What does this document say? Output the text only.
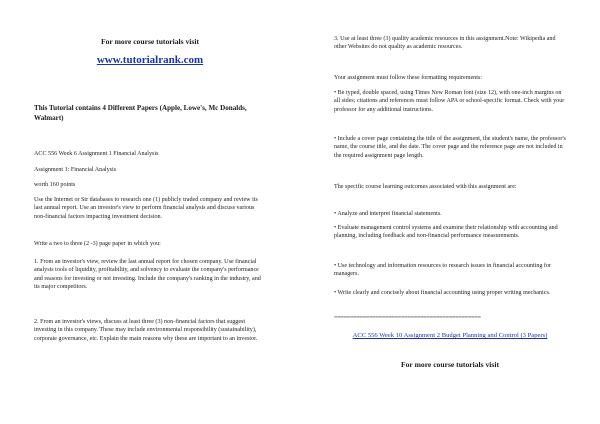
For more course tutorials visit

www.tutorialrank.com

This Tutorial contains 4 Different Papers (Apple, Lowe's, Mc Donalds, Walmart)

ACC 556 Week 6 Assignment 1 Financial Analysis

Assignment 1: Financial Analysis

worth 160 points

Use the Internet or Str databases to research one (1) publicly traded company and review its last annual report. Use an investor's view to perform financial analysis and discuss various non-financial factors impacting investment decision.

Write a two to three (2 -3) page paper in which you:

1. From an investor's view, review the last annual report for chosen company. Use financial analysis tools of liquidity, profitability, and solvency to evaluate the company's performance and reasons for investing or not investing. Include the company's ranking in the industry, and its major competitors.

2. From an investor's views, discuss at least three (3) non-financial factors that suggest investing in this company. These may include environmental responsibility (sustainability), corporate governance, etc. Explain the main reasons why these are important to an investor.

3. Use at least three (3) quality academic resources in this assignment.Note: Wikipedia and other Websites do not quality as academic resources.

Your assignment must follow these formatting requirements:

• Be typed, double spaced, using Times New Roman font (size 12), with one-inch margins on all sides; citations and references must follow APA or school-specific format. Check with your professor for any additional instructions.

• Include a cover page containing the title of the assignment, the student's name, the professor's name, the course title, and the date. The cover page and the reference page are not included in the required assignment page length.

The specific course learning outcomes associated with this assignment are:

• Analyze and interpret financial statements.

• Evaluate management control systems and examine their relationship with accounting and planning, including feedback and non-financial performance measurements.

• Use technology and information resources to research issues in financial accounting for managers.

• Write clearly and concisely about financial accounting using proper writing mechanics.

==============================================

ACC 556 Week 10 Assignment 2 Budget Planning and Control (3 Papers)

For more course tutorials visit
